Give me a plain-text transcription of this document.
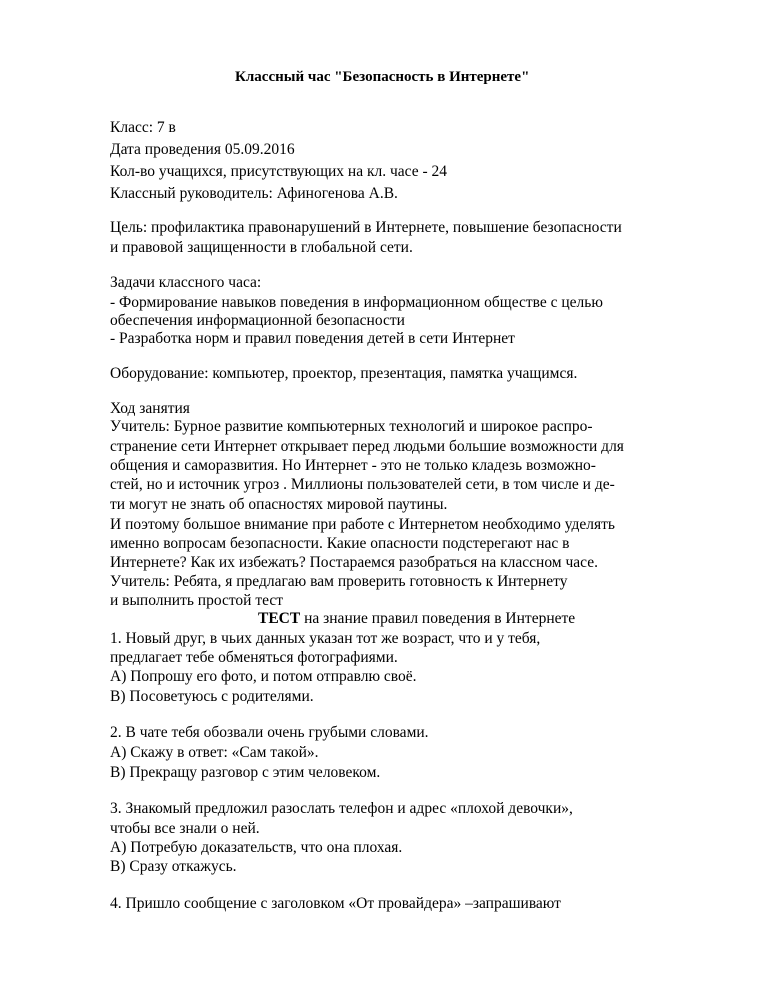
Классный час "Безопасность в Интернете"

Класс: 7 в

Дата проведения 05.09.2016

Кол-во учащихся, присутствующих на кл. часе - 24

Классный руководитель: Афиногенова А.В.

Цель: профилактика правонарушений в Интернете, повышение безопасности

и правовой защищенности в глобальной сети.

Задачи классного часа:

- Формирование навыков поведения в информационном обществе с целью

обеспечения информационной безопасности

- Разработка норм и правил поведения детей в сети Интернет

Оборудование: компьютер, проектор, презентация, памятка учащимся.

Ход занятия

Учитель: Бурное развитие компьютерных технологий и широкое распро-

странение сети Интернет открывает перед людьми большие возможности для

общения и саморазвития. Но Интернет - это не только кладезь возможно-

стей, но и источник угроз . Миллионы пользователей сети, в том числе и де-

ти могут не знать об опасностях мировой паутины.

И поэтому большое внимание при работе с Интернетом необходимо уделять

именно вопросам безопасности. Какие опасности подстерегают нас в

Интернете? Как их избежать? Постараемся разобраться на классном часе.

Учитель: Ребята, я предлагаю вам проверить готовность к Интернету

и выполнить простой тест

ТЕСТ на знание правил поведения в Интернете

1. Новый друг, в чьих данных указан тот же возраст, что и у тебя,

предлагает тебе обменяться фотографиями.

А) Попрошу его фото, и потом отправлю своё.

В) Посоветуюсь с родителями.

2. В чате тебя обозвали очень грубыми словами.

А) Скажу в ответ: «Сам такой».

В) Прекращу разговор с этим человеком.

3. Знакомый предложил разослать телефон и адрес «плохой девочки»,

чтобы все знали о ней.

А) Потребую доказательств, что она плохая.

В) Сразу откажусь.

4. Пришло сообщение с заголовком «От провайдера» –запрашивают
